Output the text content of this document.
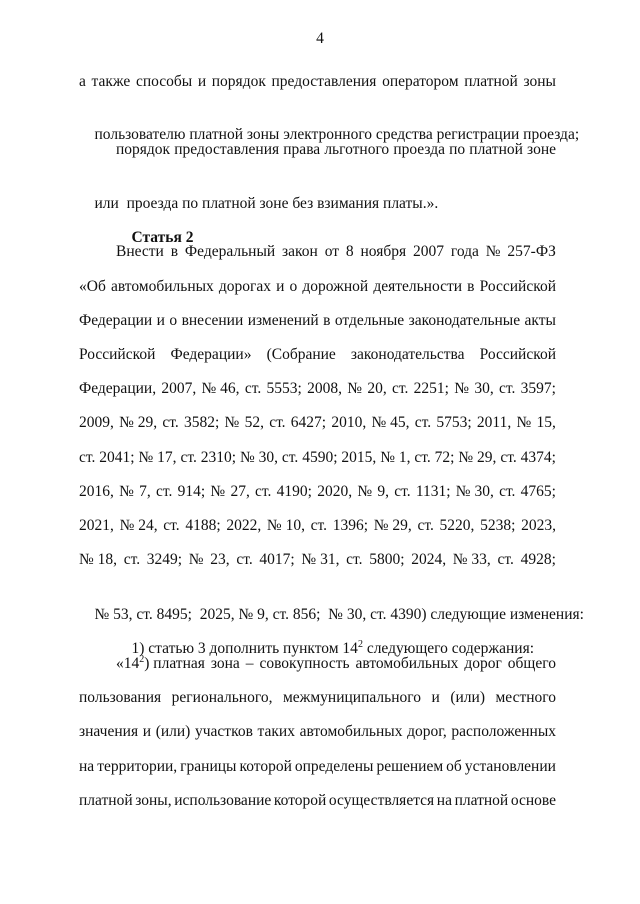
4
а также способы и порядок предоставления оператором платной зоны

пользователю платной зоны электронного средства регистрации проезда;

порядок предоставления права льготного проезда по платной зоне

или  проезда по платной зоне без взимания платы.».

Статья 2

Внести в Федеральный закон от 8 ноября 2007 года № 257-ФЗ
«Об автомобильных дорогах и о дорожной деятельности в Российской
Федерации и о внесении изменений в отдельные законодательные акты
Российской Федерации» (Собрание законодательства Российской
Федерации, 2007, № 46, ст. 5553; 2008, № 20, ст. 2251; № 30, ст. 3597;
2009, № 29, ст. 3582; № 52, ст. 6427; 2010, № 45, ст. 5753; 2011, № 15,
ст. 2041; № 17, ст. 2310; № 30, ст. 4590; 2015, № 1, ст. 72; № 29, ст. 4374;
2016, № 7, ст. 914; № 27, ст. 4190; 2020, № 9, ст. 1131; № 30, ст. 4765;
2021, № 24, ст. 4188; 2022, № 10, ст. 1396; № 29, ст. 5220, 5238; 2023,
№ 18, ст. 3249; № 23, ст. 4017; № 31, ст. 5800; 2024, № 33, ст. 4928;

№ 53, ст. 8495;  2025, № 9, ст. 856;  № 30, ст. 4390) следующие изменения:

1) статью 3 дополнить пунктом $14^2$ следующего содержания:

«$14^2$) платная зона – совокупность автомобильных дорог общего
пользования регионального, межмуниципального и (или) местного
значения и (или) участков таких автомобильных дорог, расположенных
на территории, границы которой определены решением об установлении
платной зоны, использование которой осуществляется на платной основе
